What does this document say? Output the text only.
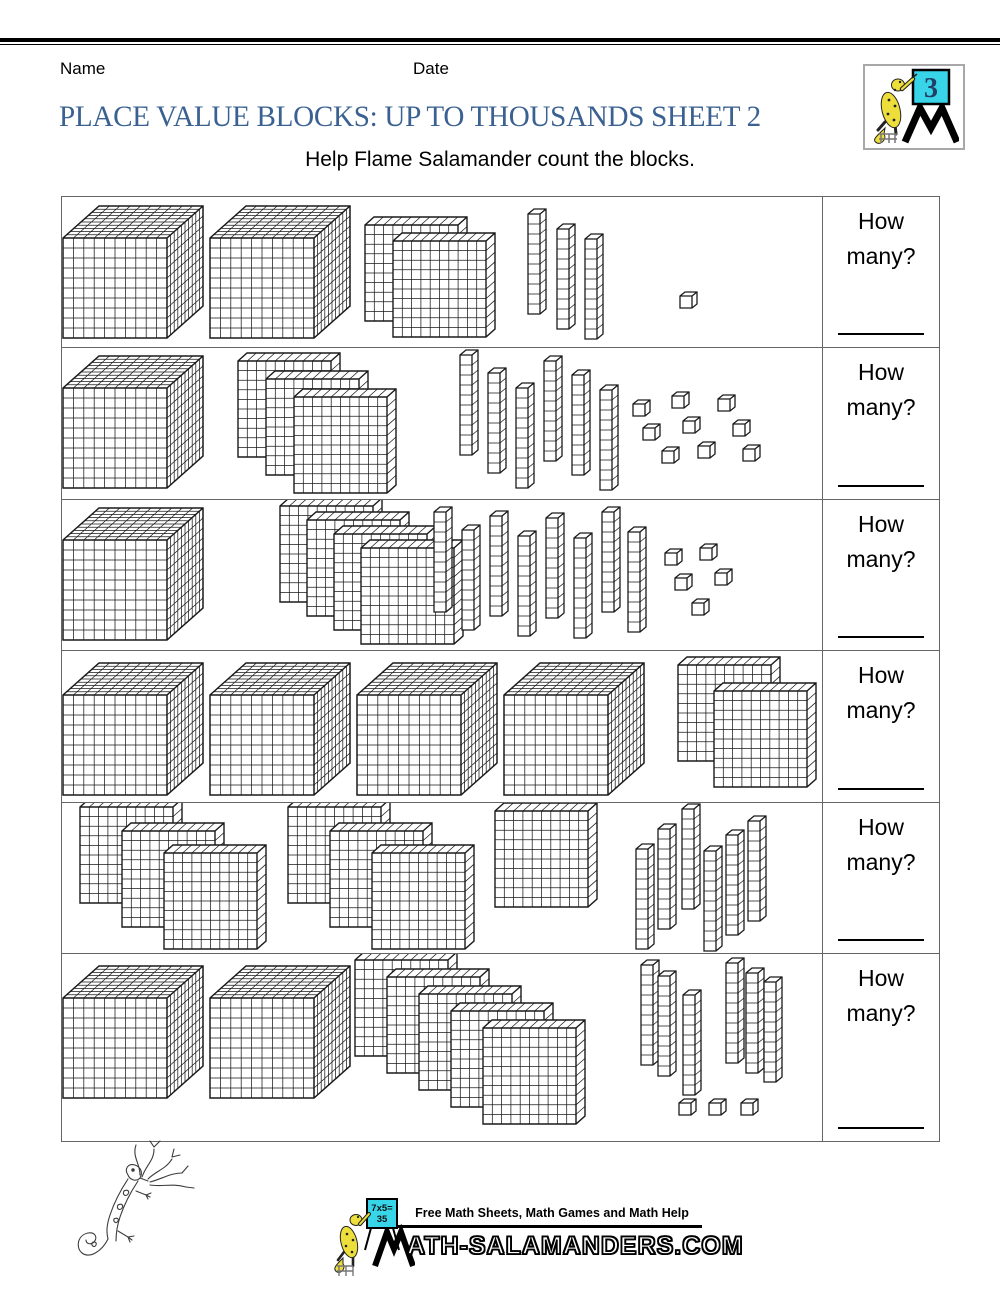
Name	Date
3
PLACE VALUE BLOCKS: UP TO THOUSANDS SHEET 2
Help Flame Salamander count the blocks.
How
many?
How
many?
How
many?
How
many?
How
many?
How
many?
7x5=
35	Free Math Sheets, Math Games and Math Help
ATH-SALAMANDERS.COM
